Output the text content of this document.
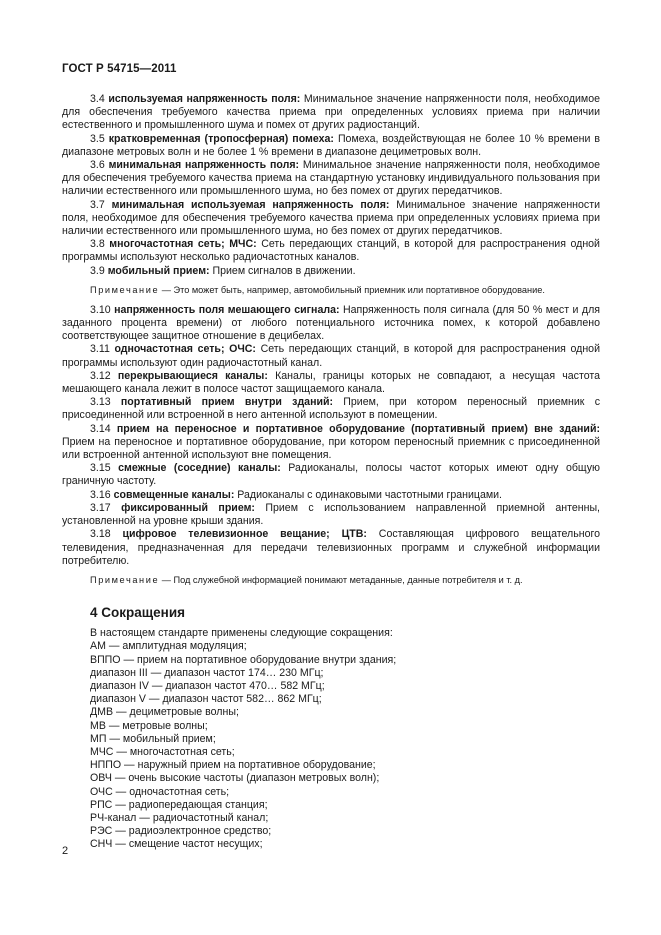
ГОСТ Р 54715—2011

3.4 используемая напряженность поля: Минимальное значение напряженности поля, необходимое для обеспечения требуемого качества приема при определенных условиях приема при наличии естественного и промышленного шума и помех от других радиостанций.

3.5 кратковременная (тропосферная) помеха: Помеха, воздействующая не более 10 % времени в диапазоне метровых волн и не более 1 % времени в диапазоне дециметровых волн.

3.6 минимальная напряженность поля: Минимальное значение напряженности поля, необходимое для обеспечения требуемого качества приема на стандартную установку индивидуального пользования при наличии естественного или промышленного шума, но без помех от других передатчиков.

3.7 минимальная используемая напряженность поля: Минимальное значение напряженности поля, необходимое для обеспечения требуемого качества приема при определенных условиях приема при наличии естественного или промышленного шума, но без помех от других передатчиков.

3.8 многочастотная сеть; МЧС: Сеть передающих станций, в которой для распространения одной программы используют несколько радиочастотных каналов.

3.9 мобильный прием: Прием сигналов в движении.

Примечание — Это может быть, например, автомобильный приемник или портативное оборудование.

3.10 напряженность поля мешающего сигнала: Напряженность поля сигнала (для 50 % мест и для заданного процента времени) от любого потенциального источника помех, к которой добавлено соответствующее защитное отношение в децибелах.

3.11 одночастотная сеть; ОЧС: Сеть передающих станций, в которой для распространения одной программы используют один радиочастотный канал.

3.12 перекрывающиеся каналы: Каналы, границы которых не совпадают, а несущая частота мешающего канала лежит в полосе частот защищаемого канала.

3.13 портативный прием внутри зданий: Прием, при котором переносный приемник с присоединенной или встроенной в него антенной используют в помещении.

3.14 прием на переносное и портативное оборудование (портативный прием) вне зданий: Прием на переносное и портативное оборудование, при котором переносный приемник с присоединенной или встроенной антенной используют вне помещения.

3.15 смежные (соседние) каналы: Радиоканалы, полосы частот которых имеют одну общую граничную частоту.

3.16 совмещенные каналы: Радиоканалы с одинаковыми частотными границами.

3.17 фиксированный прием: Прием с использованием направленной приемной антенны, установленной на уровне крыши здания.

3.18 цифровое телевизионное вещание; ЦТВ: Составляющая цифрового вещательного телевидения, предназначенная для передачи телевизионных программ и служебной информации потребителю.

Примечание — Под служебной информацией понимают метаданные, данные потребителя и т. д.
4 Сокращения
В настоящем стандарте применены следующие сокращения:
АМ — амплитудная модуляция;
ВППО — прием на портативное оборудование внутри здания;
диапазон III — диапазон частот 174… 230 МГц;
диапазон IV — диапазон частот 470… 582 МГц;
диапазон V — диапазон частот 582… 862 МГц;
ДМВ — дециметровые волны;
МВ — метровые волны;
МП — мобильный прием;
МЧС — многочастотная сеть;
НППО — наружный прием на портативное оборудование;
ОВЧ — очень высокие частоты (диапазон метровых волн);
ОЧС — одночастотная сеть;
РПС — радиопередающая станция;
РЧ-канал — радиочастотный канал;
РЭС — радиоэлектронное средство;
СНЧ — смещение частот несущих;
2
